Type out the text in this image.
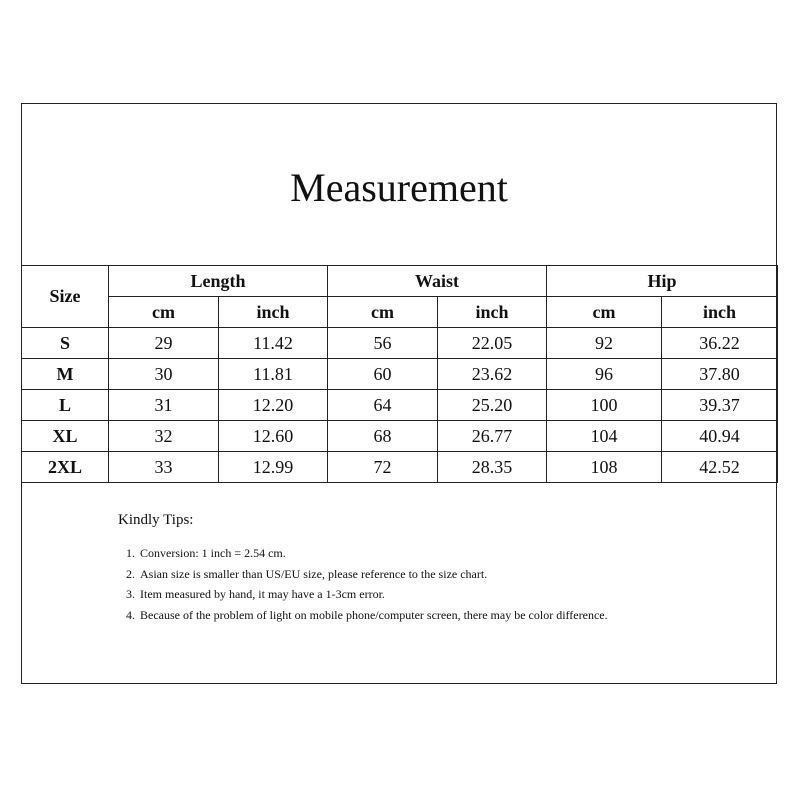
Measurement
Size	Length		Waist		Hip	
	cm	inch	cm	inch	cm	inch
S	29	11.42	56	22.05	92	36.22
M	30	11.81	60	23.62	96	37.80
L	31	12.20	64	25.20	100	39.37
XL	32	12.60	68	26.77	104	40.94
2XL	33	12.99	72	28.35	108	42.52
Kindly Tips:
1. Conversion: 1 inch = 2.54 cm.
2. Asian size is smaller than US/EU size, please reference to the size chart.
3. Item measured by hand, it may have a 1-3cm error.
4. Because of the problem of light on mobile phone/computer screen, there may be color difference.
